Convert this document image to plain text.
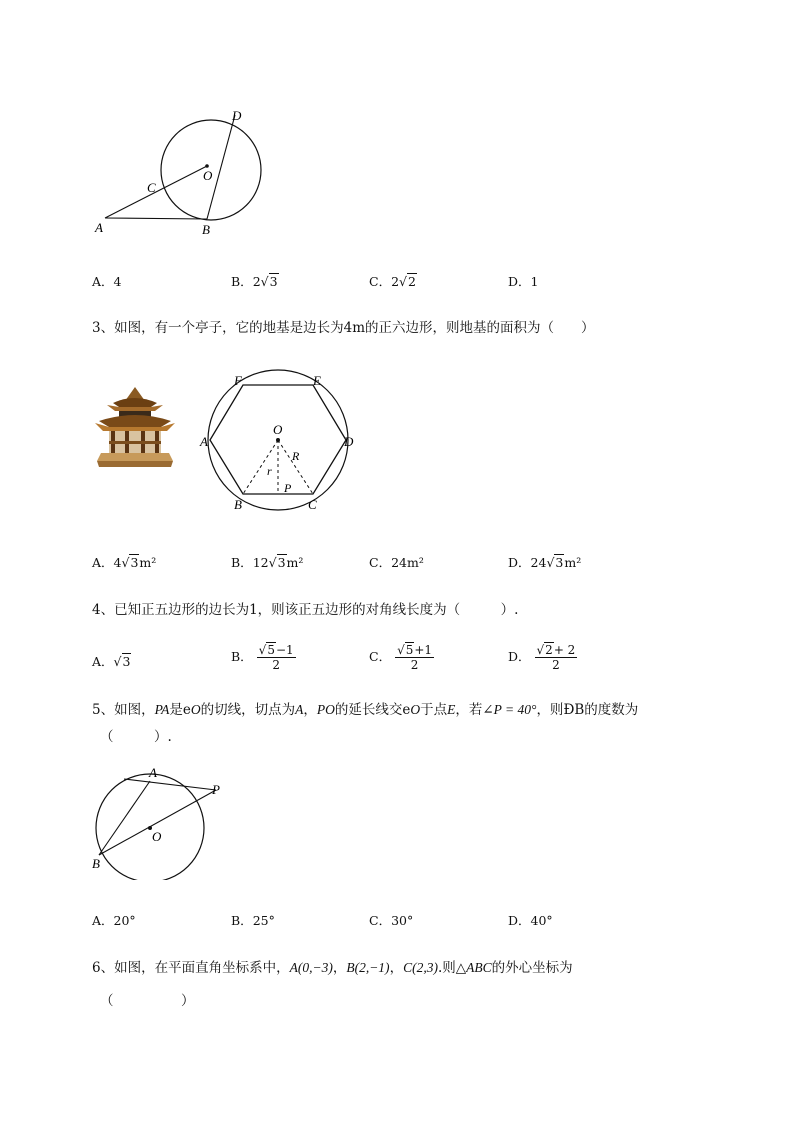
D
O
C
A	B
A．4	B．2√3	C．2√2	D．1
3、如图，有一个亭子，它的地基是边长为4m的正六边形，则地基的面积为（　　）
F	E
A	D
O
R
r
P
B	C
A．4√3m²	B．12√3m²	C．24m²	D．24√3m²
4、已知正五边形的边长为1，则该正五边形的对角线长度为（　　　）.
A．√3	B． $\frac{√5-1}{2}$	C． $\frac{√5+1}{2}$	D． $\frac{√2+ 2}{2}$
5、如图，PA是eO的切线，切点为A，PO的延长线交eO于点E，若∠P = 40°，则ÐB的度数为
（　　　）.
A
P
O
B
A．20°	B．25°	C．30°	D．40°
6、如图，在平面直角坐标系中，A(0,−3)，B(2,−1)，C(2,3).则△ABC的外心坐标为
（　　　　　）
